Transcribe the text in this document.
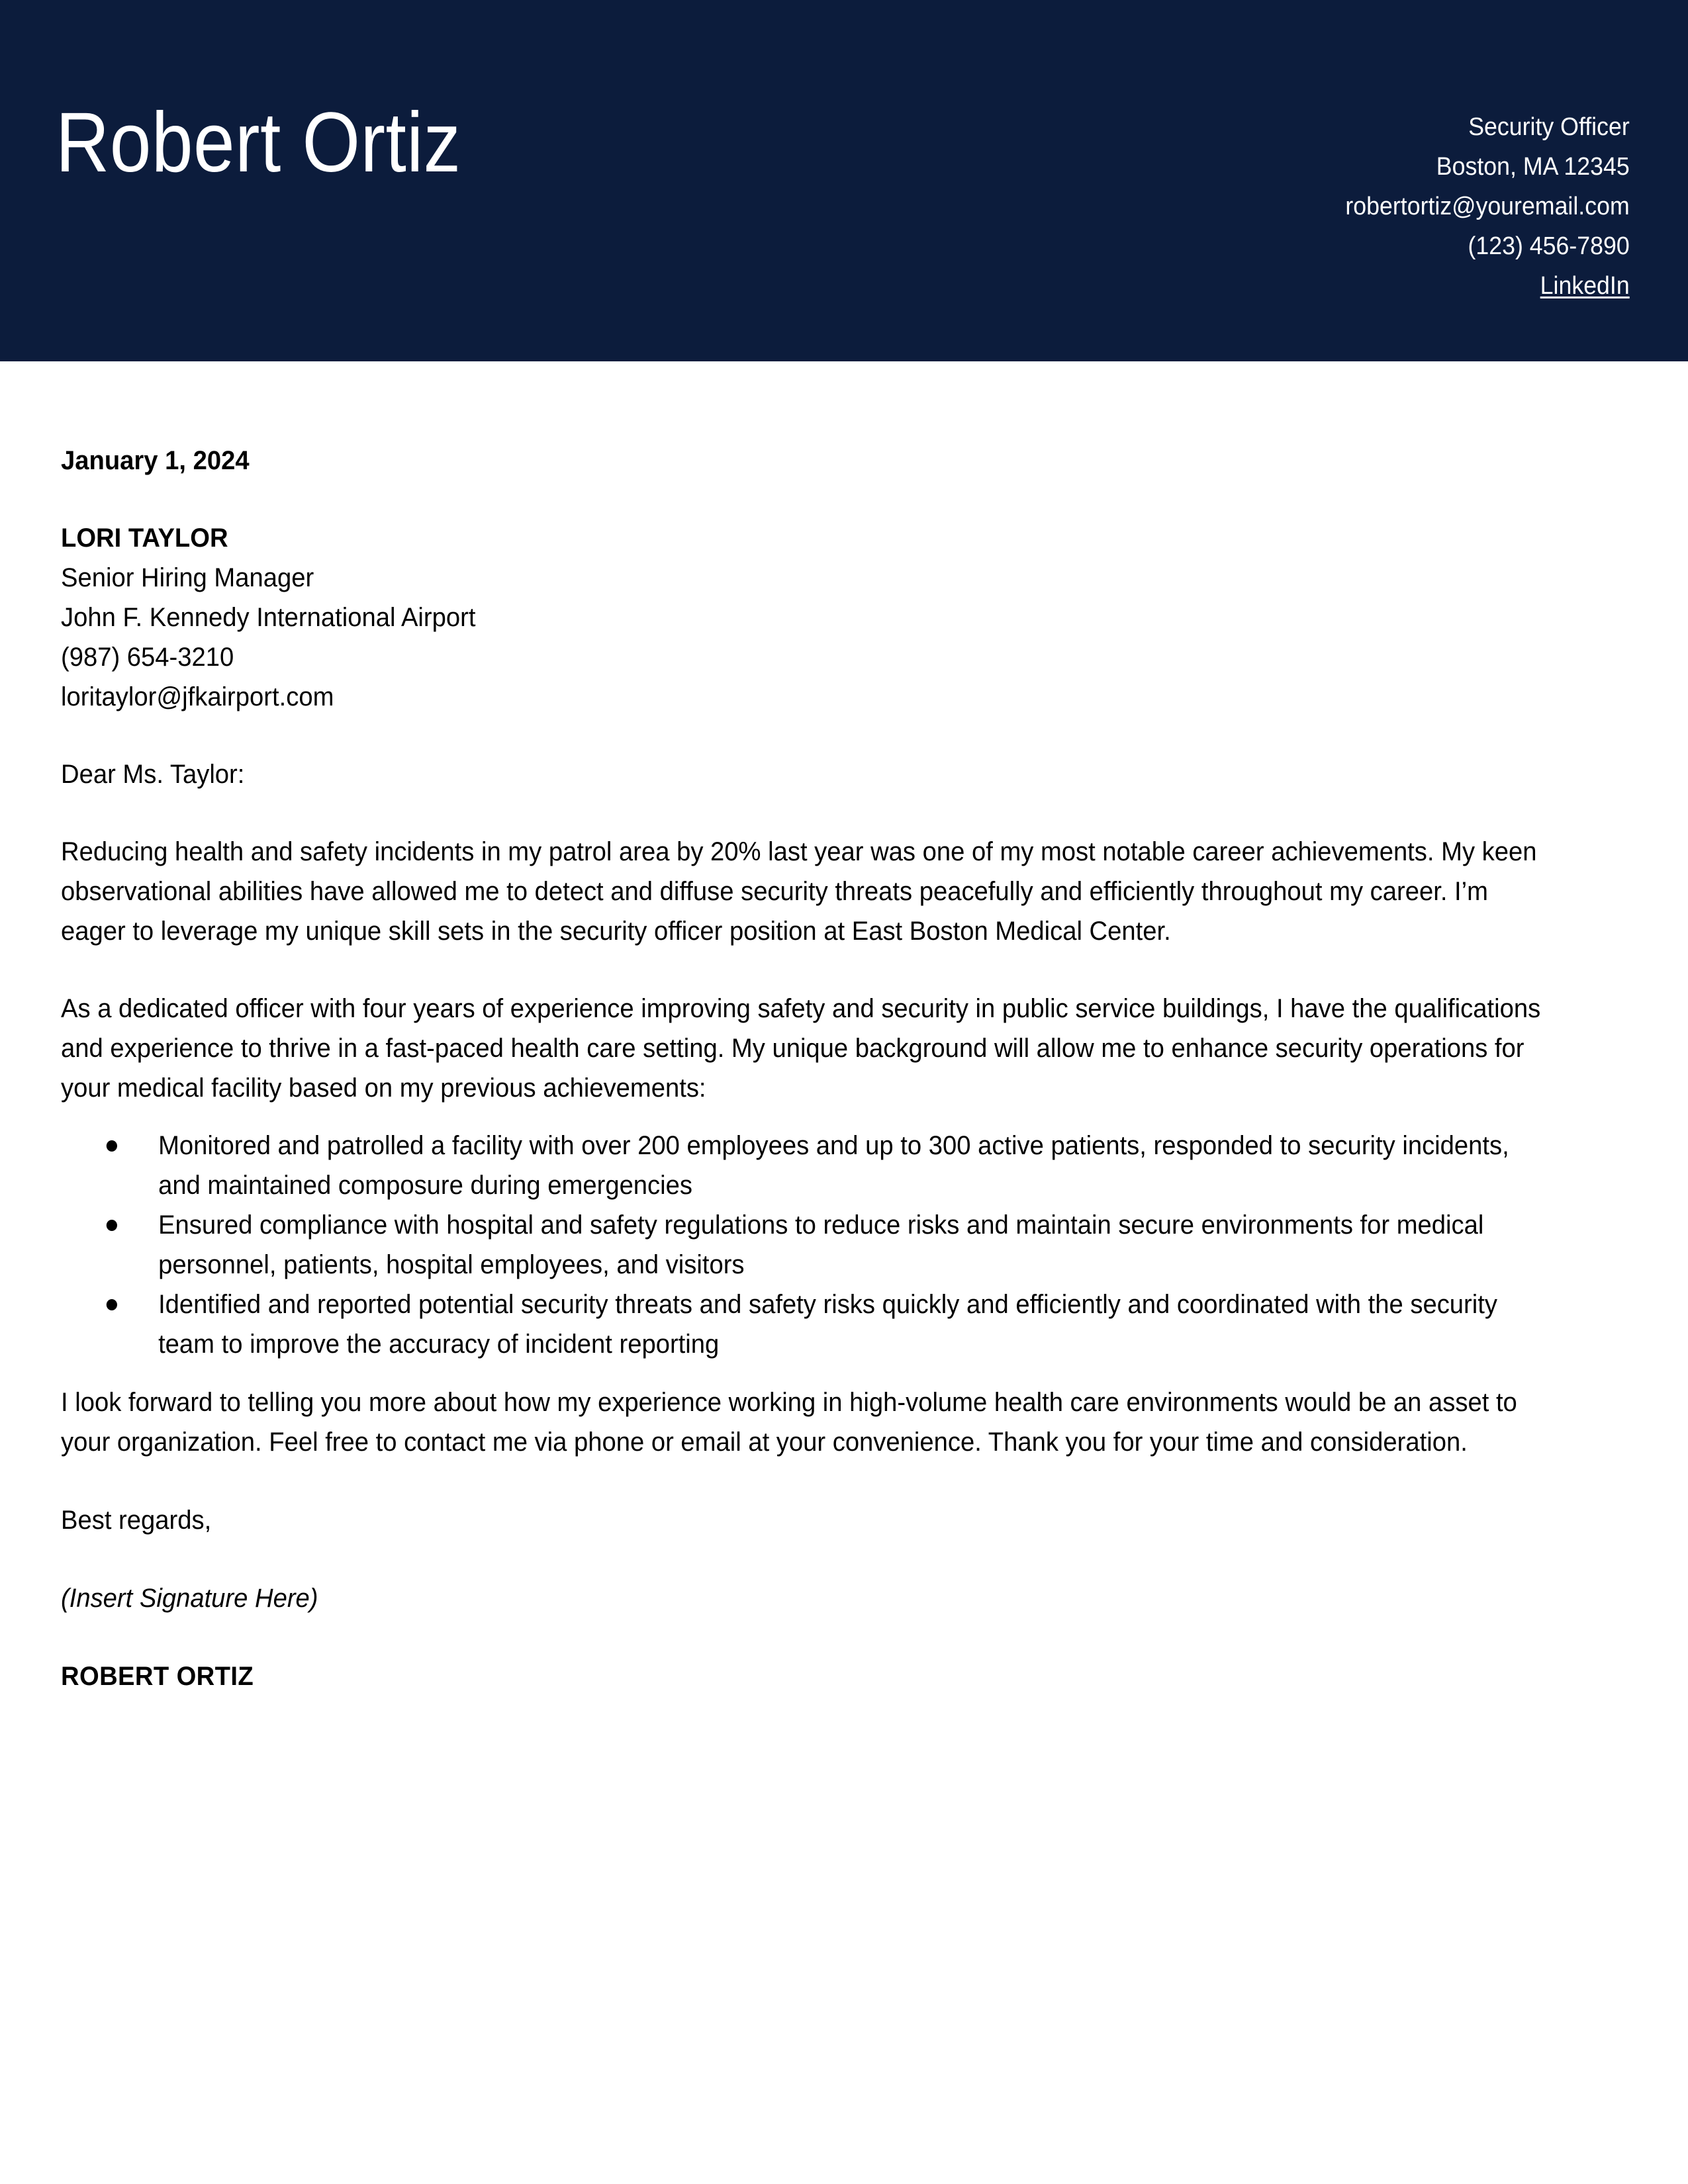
Robert Ortiz	Security Officer
Boston, MA 12345
robertortiz@youremail.com
(123) 456-7890
LinkedIn
January 1, 2024
LORI TAYLOR
Senior Hiring Manager
John F. Kennedy International Airport
(987) 654-3210
loritaylor@jfkairport.com
Dear Ms. Taylor:
Reducing health and safety incidents in my patrol area by 20% last year was one of my most notable career achievements. My keen observational abilities have allowed me to detect and diffuse security threats peacefully and efficiently throughout my career. I’m eager to leverage my unique skill sets in the security officer position at East Boston Medical Center.
As a dedicated officer with four years of experience improving safety and security in public service buildings, I have the qualifications and experience to thrive in a fast-paced health care setting. My unique background will allow me to enhance security operations for your medical facility based on my previous achievements:
Monitored and patrolled a facility with over 200 employees and up to 300 active patients, responded to security incidents, and maintained composure during emergencies
Ensured compliance with hospital and safety regulations to reduce risks and maintain secure environments for medical personnel, patients, hospital employees, and visitors
Identified and reported potential security threats and safety risks quickly and efficiently and coordinated with the security team to improve the accuracy of incident reporting
I look forward to telling you more about how my experience working in high-volume health care environments would be an asset to your organization. Feel free to contact me via phone or email at your convenience. Thank you for your time and consideration.
Best regards,
(Insert Signature Here)
ROBERT ORTIZ
